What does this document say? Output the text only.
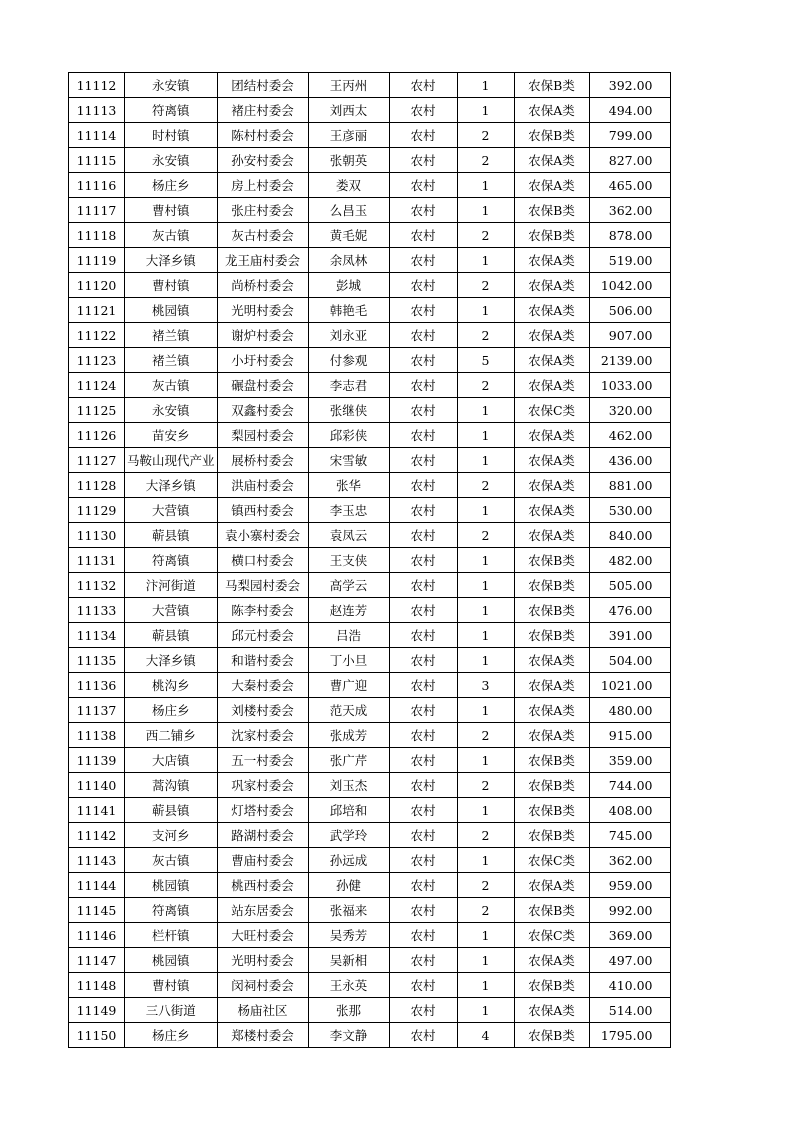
11112	永安镇	团结村委会	王丙州	农村	1	农保B类	392.00
11113	符离镇	褚庄村委会	刘西太	农村	1	农保A类	494.00
11114	时村镇	陈村村委会	王彦丽	农村	2	农保B类	799.00
11115	永安镇	孙安村委会	张朝英	农村	2	农保A类	827.00
11116	杨庄乡	房上村委会	娄双	农村	1	农保A类	465.00
11117	曹村镇	张庄村委会	么昌玉	农村	1	农保B类	362.00
11118	灰古镇	灰古村委会	黄毛妮	农村	2	农保B类	878.00
11119	大泽乡镇	龙王庙村委会	余凤林	农村	1	农保A类	519.00
11120	曹村镇	尚桥村委会	彭城	农村	2	农保A类	1042.00
11121	桃园镇	光明村委会	韩艳毛	农村	1	农保A类	506.00
11122	褚兰镇	谢炉村委会	刘永亚	农村	2	农保A类	907.00
11123	褚兰镇	小圩村委会	付参观	农村	5	农保A类	2139.00
11124	灰古镇	碾盘村委会	李志君	农村	2	农保A类	1033.00
11125	永安镇	双鑫村委会	张继侠	农村	1	农保C类	320.00
11126	苗安乡	梨园村委会	邱彩侠	农村	1	农保A类	462.00
11127	马鞍山现代产业	展桥村委会	宋雪敏	农村	1	农保A类	436.00
11128	大泽乡镇	洪庙村委会	张华	农村	2	农保A类	881.00
11129	大营镇	镇西村委会	李玉忠	农村	1	农保A类	530.00
11130	蕲县镇	袁小寨村委会	袁凤云	农村	2	农保A类	840.00
11131	符离镇	横口村委会	王支侠	农村	1	农保B类	482.00
11132	汴河街道	马梨园村委会	高学云	农村	1	农保B类	505.00
11133	大营镇	陈李村委会	赵连芳	农村	1	农保B类	476.00
11134	蕲县镇	邱元村委会	吕浩	农村	1	农保B类	391.00
11135	大泽乡镇	和谐村委会	丁小旦	农村	1	农保A类	504.00
11136	桃沟乡	大秦村委会	曹广迎	农村	3	农保A类	1021.00
11137	杨庄乡	刘楼村委会	范天成	农村	1	农保A类	480.00
11138	西二铺乡	沈家村委会	张成芳	农村	2	农保A类	915.00
11139	大店镇	五一村委会	张广芹	农村	1	农保B类	359.00
11140	蒿沟镇	巩家村委会	刘玉杰	农村	2	农保B类	744.00
11141	蕲县镇	灯塔村委会	邱培和	农村	1	农保B类	408.00
11142	支河乡	路湖村委会	武学玲	农村	2	农保B类	745.00
11143	灰古镇	曹庙村委会	孙远成	农村	1	农保C类	362.00
11144	桃园镇	桃西村委会	孙健	农村	2	农保A类	959.00
11145	符离镇	站东居委会	张福来	农村	2	农保B类	992.00
11146	栏杆镇	大旺村委会	吴秀芳	农村	1	农保C类	369.00
11147	桃园镇	光明村委会	吴新相	农村	1	农保A类	497.00
11148	曹村镇	闵祠村委会	王永英	农村	1	农保B类	410.00
11149	三八街道	杨庙社区	张那	农村	1	农保A类	514.00
11150	杨庄乡	郑楼村委会	李文静	农村	4	农保B类	1795.00
